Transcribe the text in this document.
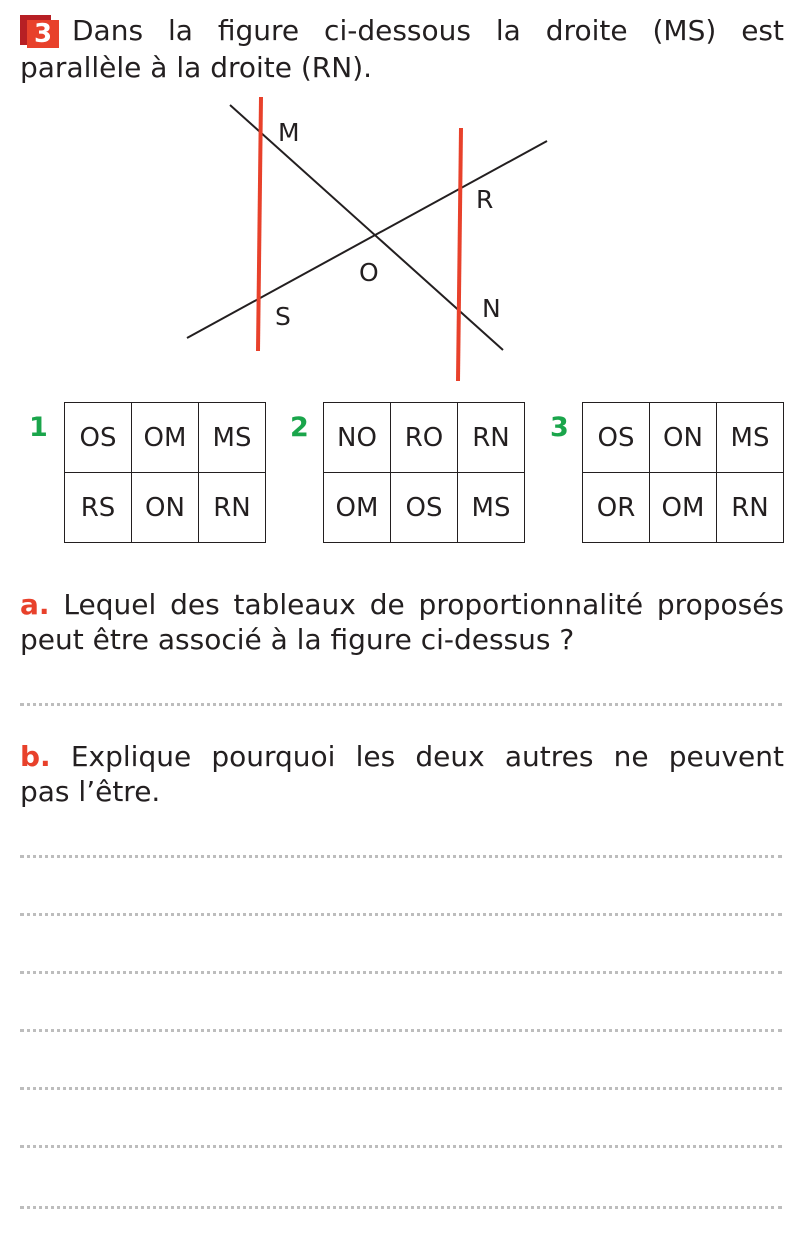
3 Dans la figure ci-dessous la droite (MS) est
parallèle à la droite (RN).
M
R
O
S	N
1 OS	OM	MS
RS	ON	RN
2 NO	RO	RN
OM	OS	MS
3 OS	ON	MS
OR	OM	RN
a. Lequel des tableaux de proportionnalité proposés
peut être associé à la figure ci-dessus ?
b. Explique pourquoi les deux autres ne peuvent
pas l’être.
